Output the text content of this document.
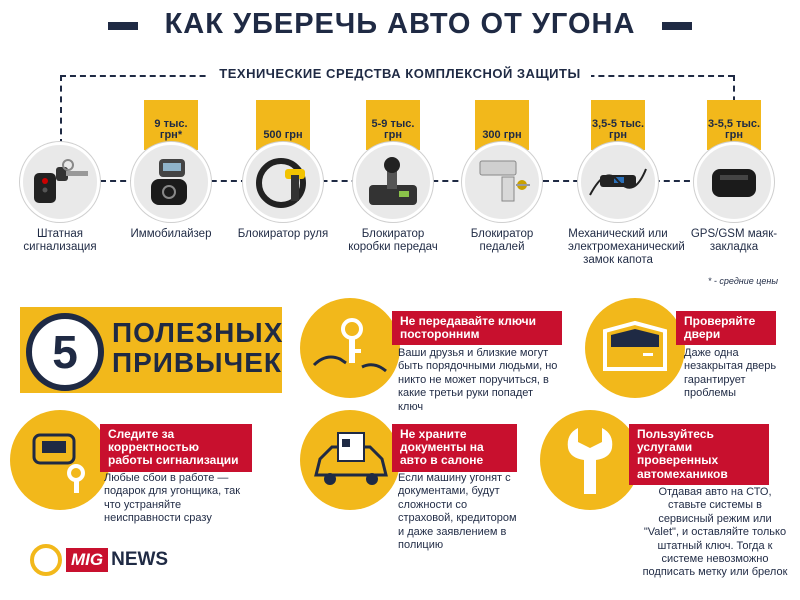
КАК УБЕРЕЧЬ АВТО ОТ УГОНА
ТЕХНИЧЕСКИЕ СРЕДСТВА КОМПЛЕКСНОЙ ЗАЩИТЫ
Штатная сигнализация
9 тыс. грн*
Иммобилайзер
500 грн
Блокиратор руля
5-9 тыс. грн
Блокиратор коробки передач
300 грн
Блокиратор педалей
3,5-5 тыс. грн
Механический или электромеханический замок капота
3-5,5 тыс. грн
GPS/GSM маяк-закладка
* - средние цены
5	ПОЛЕЗНЫХ
ПРИВЫЧЕК
Не передавайте ключи посторонним
Ваши друзья и близкие могут быть порядочными людьми, но никто не может поручиться, в какие третьи руки попадет ключ
Проверяйте двери
Даже одна незакрытая дверь гарантирует проблемы
Следите за корректностью работы сигнализации
Любые сбои в работе — подарок для угонщика, так что устраняйте неисправности сразу
Не храните документы на авто в салоне
Если машину угонят с документами, будут сложности со страховой, кредитором и даже заявлением в полицию
Пользуйтесь услугами проверенных автомехаников
Отдавая авто на СТО, ставьте системы в сервисный режим или "Valet", и оставляйте только штатный ключ. Тогда к системе невозможно подписать метку или брелок
MIG NEWS
